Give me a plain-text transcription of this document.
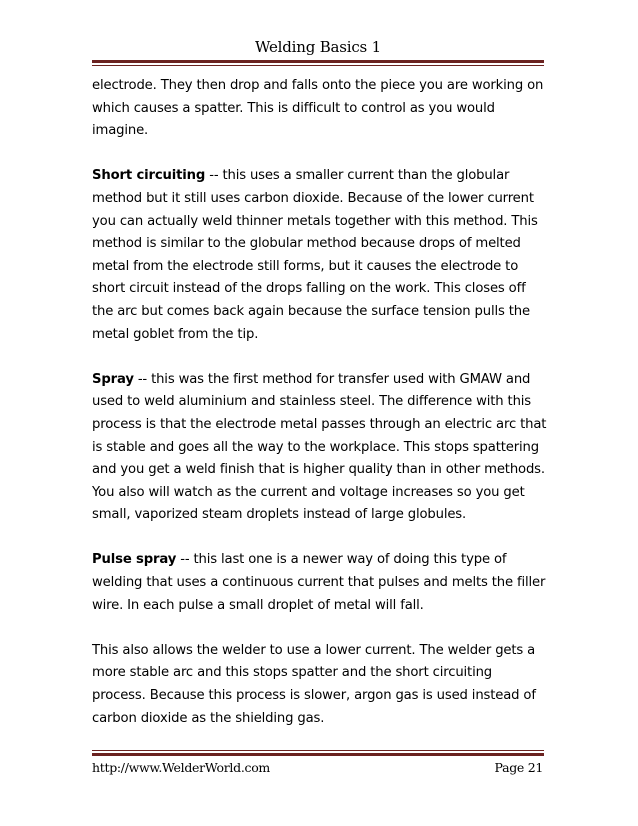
Welding Basics 1

electrode. They then drop and falls onto the piece you are working on which causes a spatter. This is difficult to control as you would imagine.

Short circuiting -- this uses a smaller current than the globular method but it still uses carbon dioxide. Because of the lower current you can actually weld thinner metals together with this method. This method is similar to the globular method because drops of melted metal from the electrode still forms, but it causes the electrode to short circuit instead of the drops falling on the work. This closes off the arc but comes back again because the surface tension pulls the metal goblet from the tip.

Spray -- this was the first method for transfer used with GMAW and used to weld aluminium and stainless steel. The difference with this process is that the electrode metal passes through an electric arc that is stable and goes all the way to the workplace. This stops spattering and you get a weld finish that is higher quality than in other methods. You also will watch as the current and voltage increases so you get small, vaporized steam droplets instead of large globules.

Pulse spray -- this last one is a newer way of doing this type of welding that uses a continuous current that pulses and melts the filler wire. In each pulse a small droplet of metal will fall.

This also allows the welder to use a lower current. The welder gets a more stable arc and this stops spatter and the short circuiting process. Because this process is slower, argon gas is used instead of carbon dioxide as the shielding gas.

http://www.WelderWorld.com	Page 21
